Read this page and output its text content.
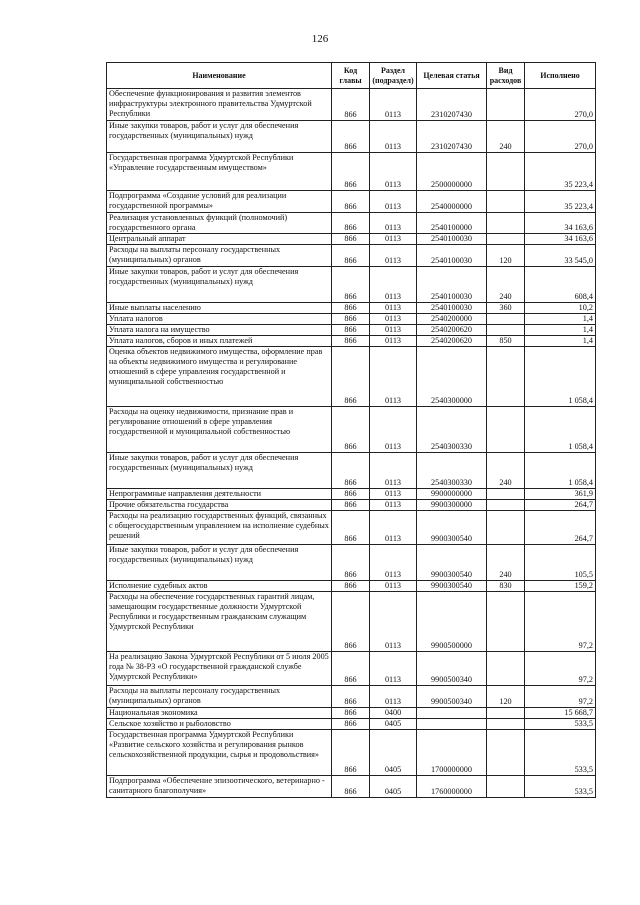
126
Наименование	Код главы	Раздел (подраздел)	Целевая статья	Вид расходов	Исполнено
Обеспечение функционирования и развития элементов инфраструктуры электронного правительства Удмуртской Республики	866	0113	2310207430		270,0
Иные закупки товаров, работ и услуг для обеспечения государственных (муниципальных) нужд	866	0113	2310207430	240	270,0
Государственная программа Удмуртской Республики «Управление государственным имуществом»	866	0113	2500000000		35 223,4
Подпрограмма «Создание условий для реализации государственной программы»	866	0113	2540000000		35 223,4
Реализация установленных функций (полномочий) государственного органа	866	0113	2540100000		34 163,6
Центральный аппарат	866	0113	2540100030		34 163,6
Расходы на выплаты персоналу государственных (муниципальных) органов	866	0113	2540100030	120	33 545,0
Иные закупки товаров, работ и услуг для обеспечения государственных (муниципальных) нужд	866	0113	2540100030	240	608,4
Иные выплаты населению	866	0113	2540100030	360	10,2
Уплата налогов	866	0113	2540200000		1,4
Уплата налога на имущество	866	0113	2540200620		1,4
Уплата налогов, сборов и иных платежей	866	0113	2540200620	850	1,4
Оценка объектов недвижимого имущества, оформление прав на объекты недвижимого имущества и регулирование отношений в сфере управления государственной и муниципальной собственностью	866	0113	2540300000		1 058,4
Расходы на оценку недвижимости, признание прав и регулирование отношений в сфере управления государственной и муниципальной собственностью	866	0113	2540300330		1 058,4
Иные закупки товаров, работ и услуг для обеспечения государственных (муниципальных) нужд	866	0113	2540300330	240	1 058,4
Непрограммные направления деятельности	866	0113	9900000000		361,9
Прочие обязательства государства	866	0113	9900300000		264,7
Расходы на реализацию государственных функций, связанных с общегосударственным управлением на исполнение судебных решений	866	0113	9900300540		264,7
Иные закупки товаров, работ и услуг для обеспечения государственных (муниципальных) нужд	866	0113	9900300540	240	105,5
Исполнение судебных актов	866	0113	9900300540	830	159,2
Расходы на обеспечение государственных гарантий лицам, замещающим государственные должности Удмуртской Республики и государственным гражданским служащим Удмуртской Республики	866	0113	9900500000		97,2
На реализацию Закона Удмуртской Республики от 5 июля 2005 года № 38-РЗ «О государственной гражданской службе Удмуртской Республики»	866	0113	9900500340		97,2
Расходы на выплаты персоналу государственных (муниципальных) органов	866	0113	9900500340	120	97,2
Национальная экономика	866	0400			15 668,7
Сельское хозяйство и рыболовство	866	0405			533,5
Государственная программа Удмуртской Республики «Развитие сельского хозяйства и регулирования рынков сельскохозяйственной продукции, сырья и продовольствия»	866	0405	1700000000		533,5
Подпрограмма «Обеспечение эпизоотического, ветеринарно - санитарного благополучия»	866	0405	1760000000		533,5
